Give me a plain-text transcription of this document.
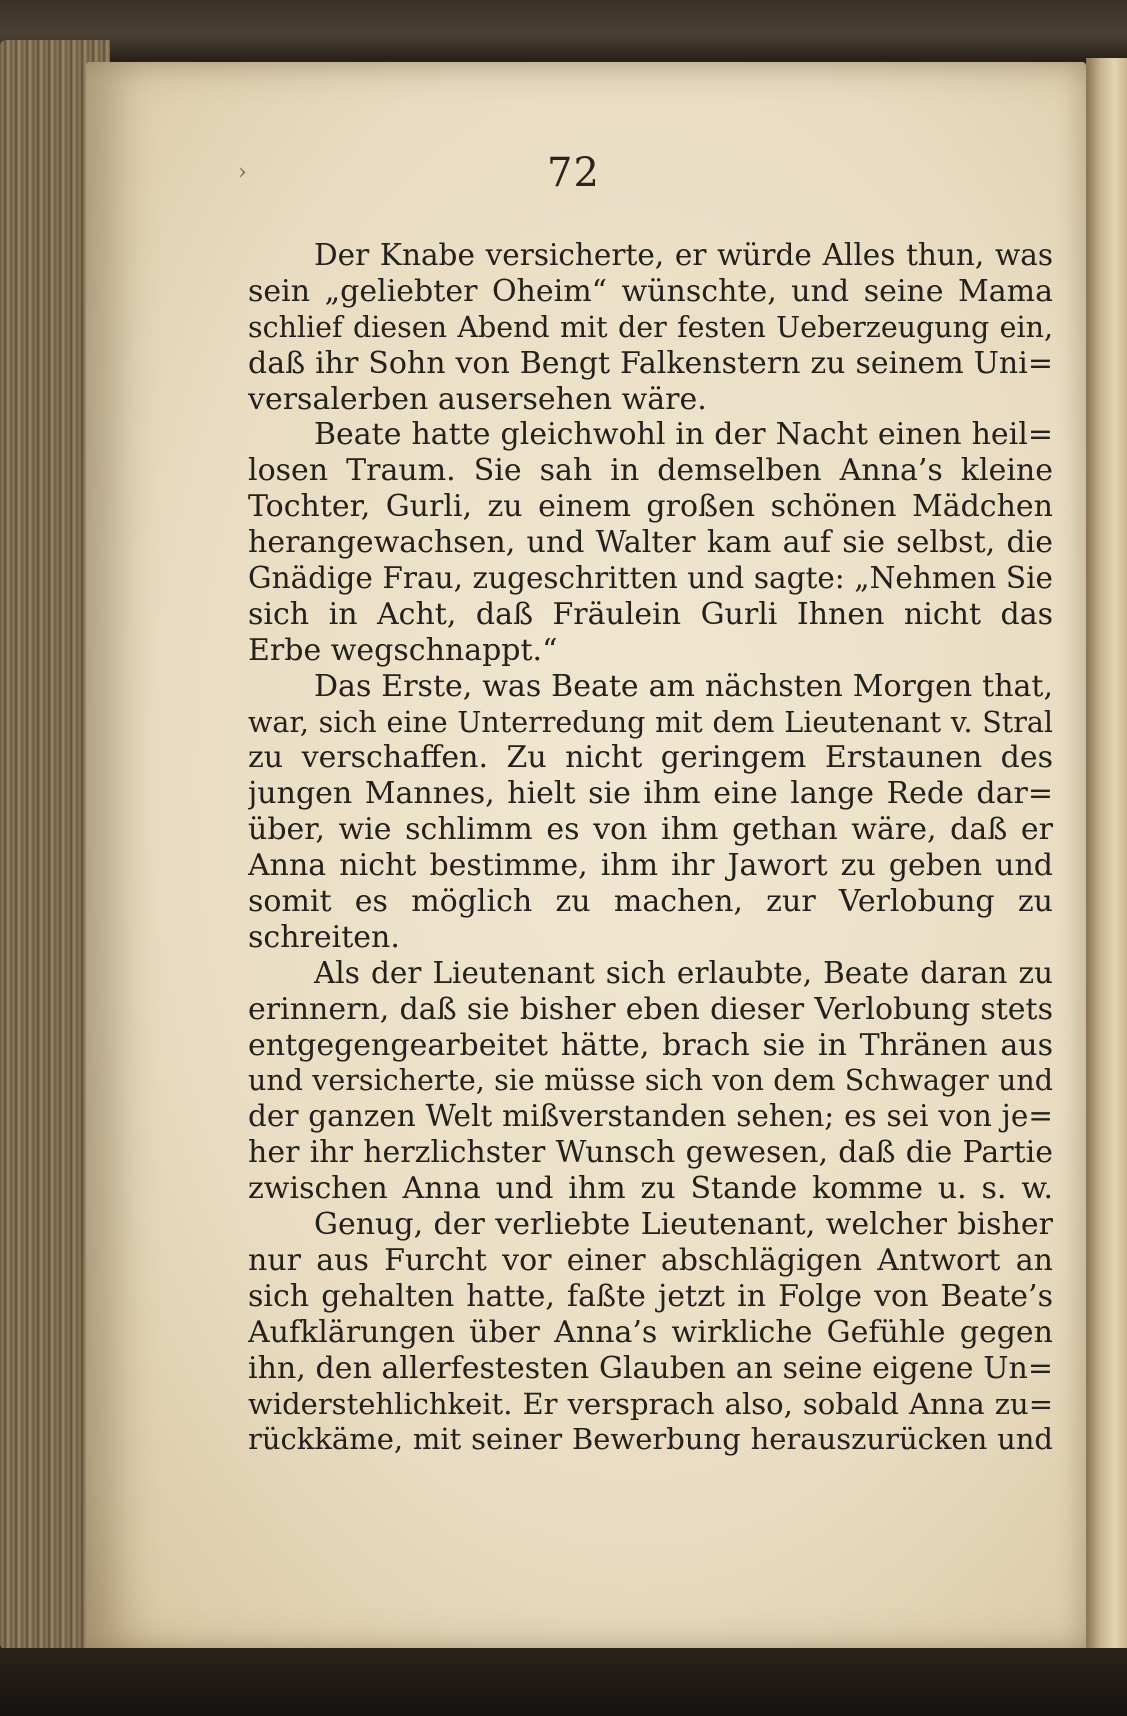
›	72
Der Knabe versicherte, er würde Alles thun, was
sein „geliebter Oheim“ wünschte, und seine Mama
schlief diesen Abend mit der festen Ueberzeugung ein,
daß ihr Sohn von Bengt Falkenstern zu seinem Uni=
versalerben ausersehen wäre.
Beate hatte gleichwohl in der Nacht einen heil=
losen Traum. Sie sah in demselben Anna’s kleine
Tochter, Gurli, zu einem großen schönen Mädchen
herangewachsen, und Walter kam auf sie selbst, die
Gnädige Frau, zugeschritten und sagte: „Nehmen Sie
sich in Acht, daß Fräulein Gurli Ihnen nicht das
Erbe wegschnappt.“
Das Erste, was Beate am nächsten Morgen that,
war, sich eine Unterredung mit dem Lieutenant v. Stral
zu verschaffen. Zu nicht geringem Erstaunen des
jungen Mannes, hielt sie ihm eine lange Rede dar=
über, wie schlimm es von ihm gethan wäre, daß er
Anna nicht bestimme, ihm ihr Jawort zu geben und
somit es möglich zu machen, zur Verlobung zu
schreiten.
Als der Lieutenant sich erlaubte, Beate daran zu
erinnern, daß sie bisher eben dieser Verlobung stets
entgegengearbeitet hätte, brach sie in Thränen aus
und versicherte, sie müsse sich von dem Schwager und
der ganzen Welt mißverstanden sehen; es sei von je=
her ihr herzlichster Wunsch gewesen, daß die Partie
zwischen Anna und ihm zu Stande komme u. s. w.
Genug, der verliebte Lieutenant, welcher bisher
nur aus Furcht vor einer abschlägigen Antwort an
sich gehalten hatte, faßte jetzt in Folge von Beate’s
Aufklärungen über Anna’s wirkliche Gefühle gegen
ihn, den allerfestesten Glauben an seine eigene Un=
widerstehlichkeit. Er versprach also, sobald Anna zu=
rückkäme, mit seiner Bewerbung herauszurücken und
